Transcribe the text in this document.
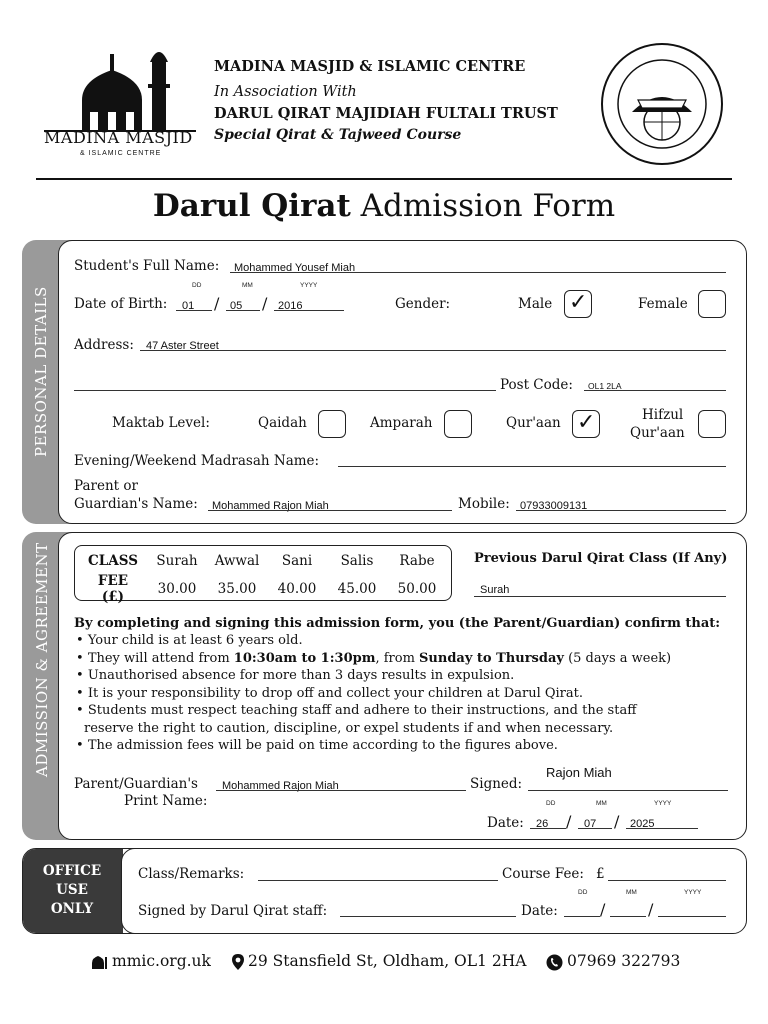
MADINA MASJID
& ISLAMIC CENTRE
MADINA MASJID & ISLAMIC CENTRE
In Association With
DARUL QIRAT MAJIDIAH FULTALI TRUST
Special Qirat & Tajweed Course
Darul Qirat Admission Form
PERSONAL DETAILS
Student's Full Name: Mohammed Yousef Miah
DD	MM	YYYY
Date of Birth: 01 / 05 / 2016	Gender:	Male ✓	Female
Address: 47 Aster Street
Post Code: OL1 2LA
Maktab Level:	Qaidah	Amparah	Qur'aan ✓	Hifzul
Qur'aan
Evening/Weekend Madrasah Name:
Parent or
Guardian's Name: Mohammed Rajon Miah	Mobile: 07933009131
ADMISSION & AGREEMENT	CLASS	Surah	Awwal	Sani	Salis	Rabe
FEE (£)	30.00	35.00	40.00	45.00	50.00
Previous Darul Qirat Class (If Any)
Surah
By completing and signing this admission form, you (the Parent/Guardian) confirm that:
• Your child is at least 6 years old.
• They will attend from 10:30am to 1:30pm, from Sunday to Thursday (5 days a week)
• Unauthorised absence for more than 3 days results in expulsion.
• It is your responsibility to drop off and collect your children at Darul Qirat.
• Students must respect teaching staff and adhere to their instructions, and the staff
reserve the right to caution, discipline, or expel students if and when necessary.
• The admission fees will be paid on time according to the figures above.
Parent/Guardian's
Print Name:
Mohammed Rajon Miah	Signed:
Rajon Miah
DD	MM	YYYY
Date: 26 / 07 / 2025
OFFICE
USE
ONLY
Class/Remarks:	Course Fee: £
DD	MM	YYYY
Signed by Darul Qirat staff:	Date:	/	/
mmic.org.uk 29 Stansfield St, Oldham, OL1 2HA	07969 322793
